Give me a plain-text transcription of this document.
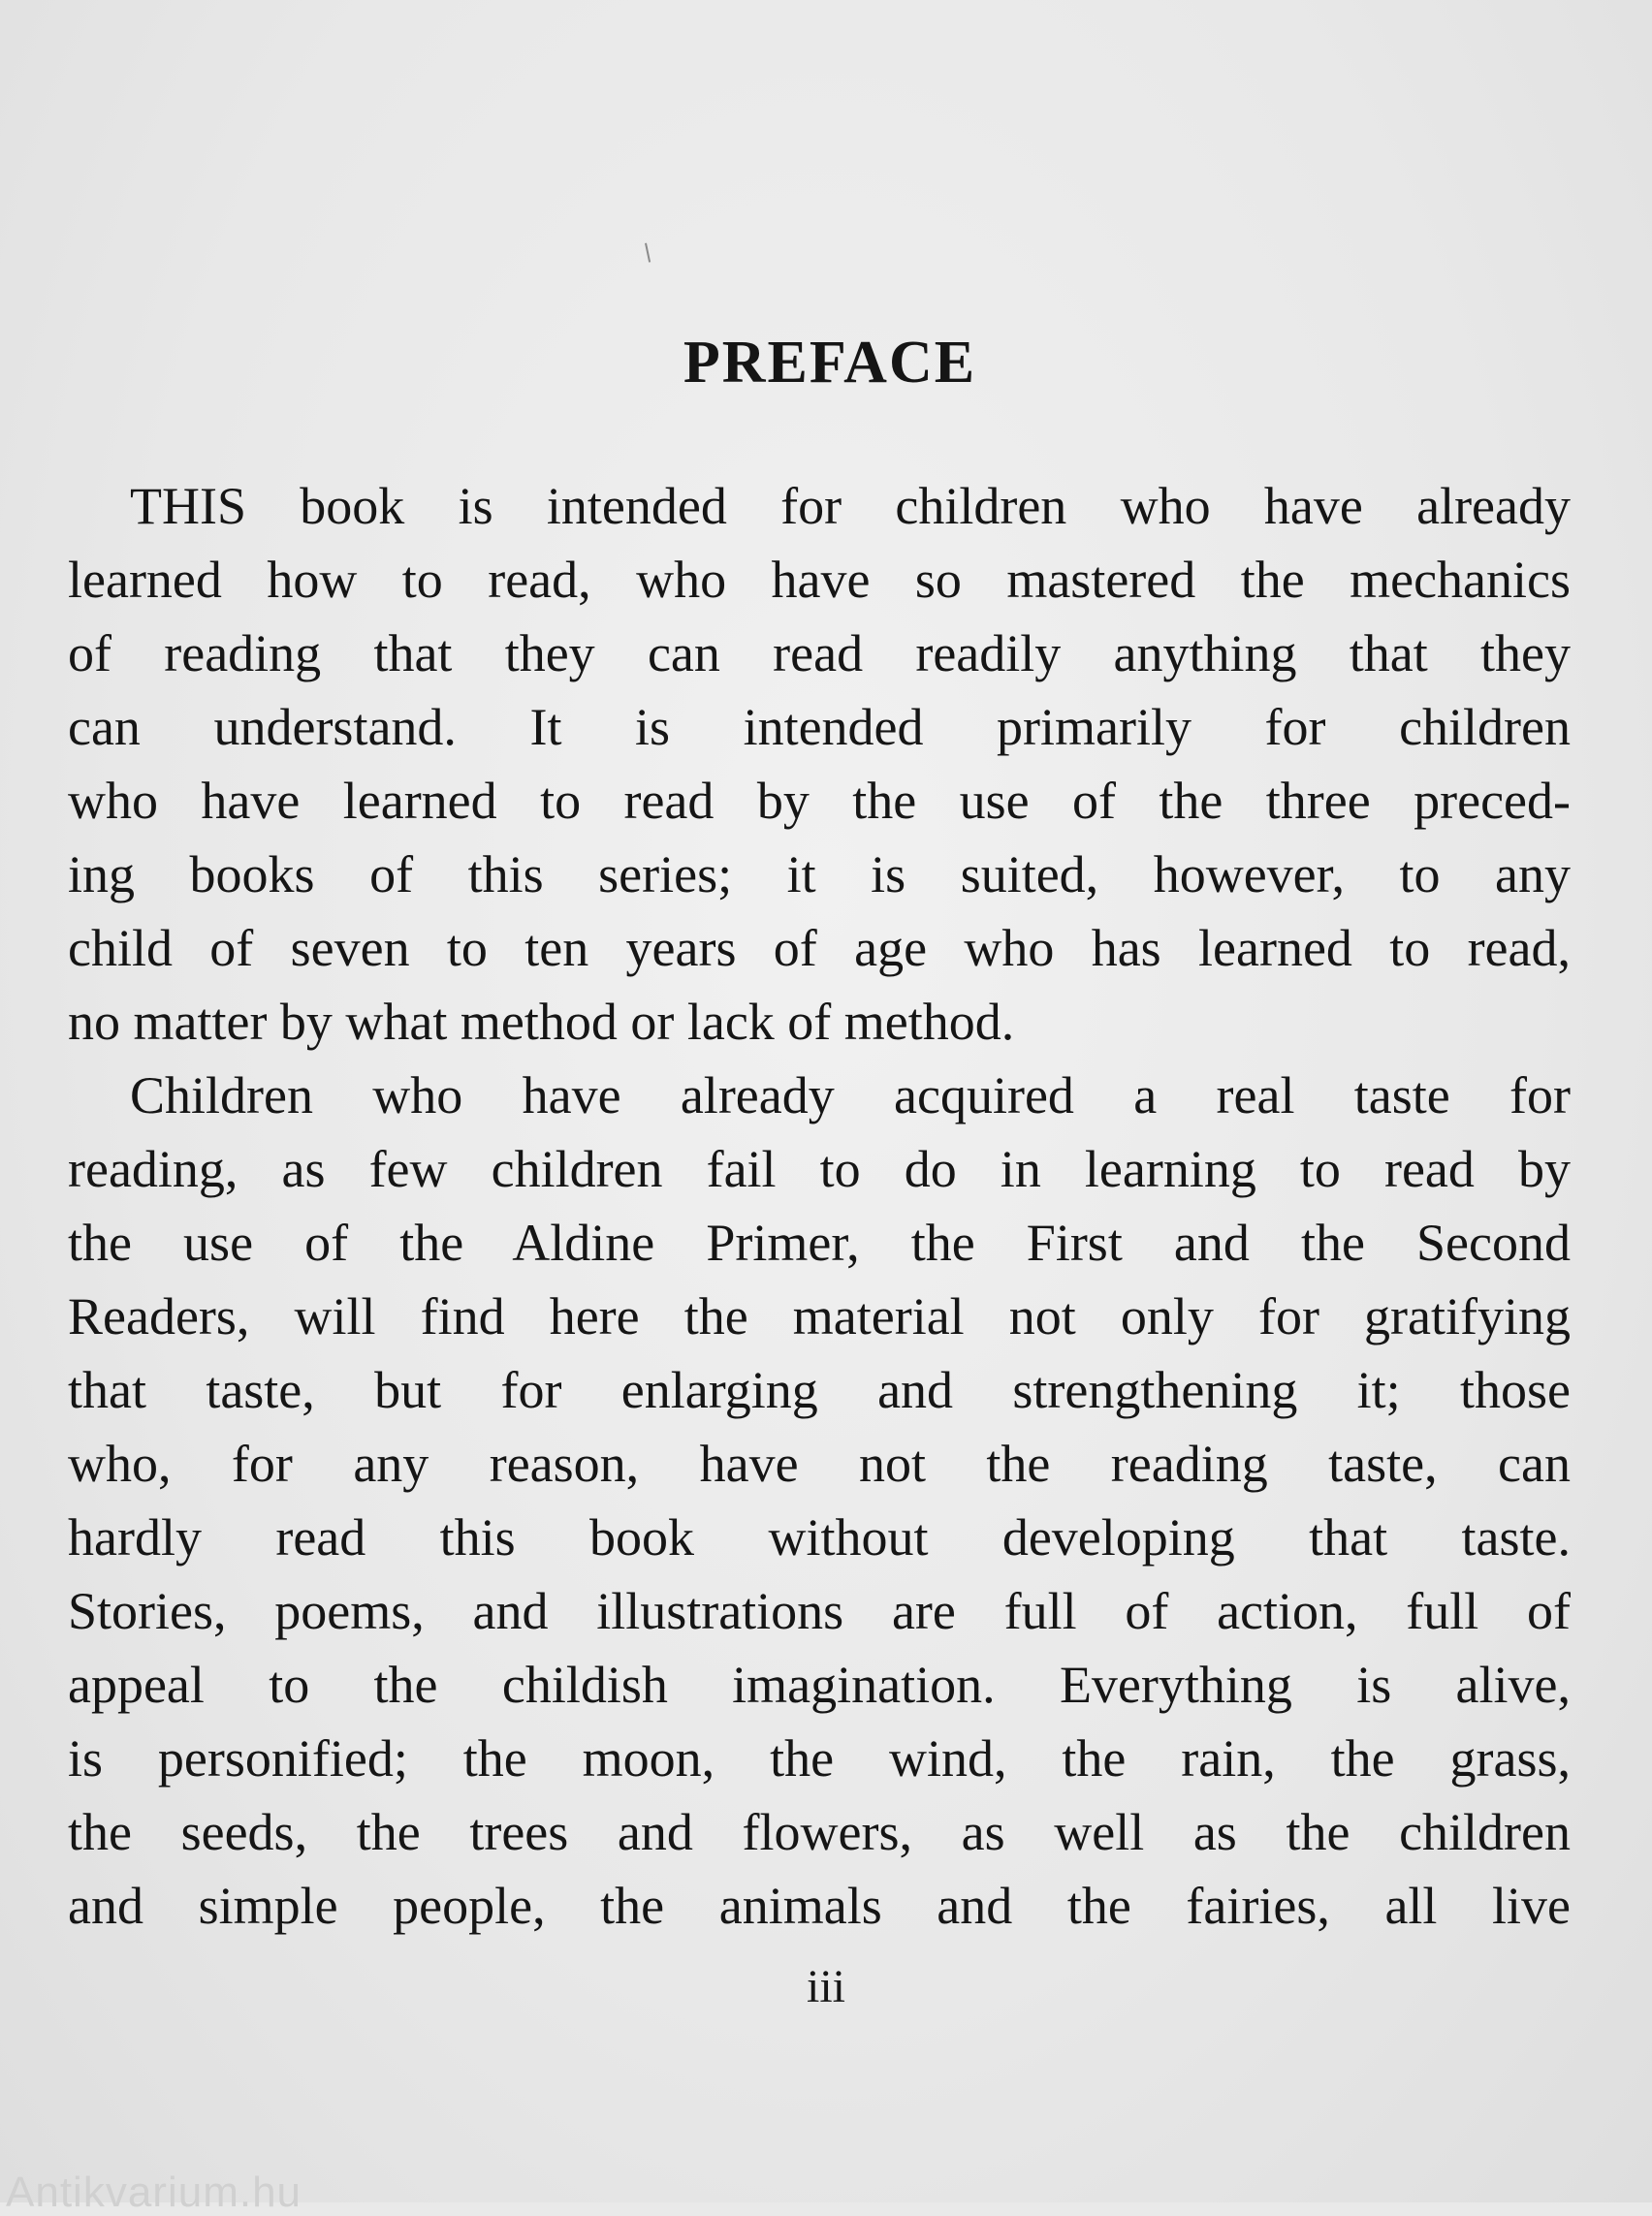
PREFACE
THIS book is intended for children who have already
learned how to read, who have so mastered the mechanics
of reading that they can read readily anything that they
can understand. It is intended primarily for children
who have learned to read by the use of the three preced-
ing books of this series; it is suited, however, to any
child of seven to ten years of age who has learned to read,
no matter by what method or lack of method.
Children who have already acquired a real taste for
reading, as few children fail to do in learning to read by
the use of the Aldine Primer, the First and the Second
Readers, will find here the material not only for gratifying
that taste, but for enlarging and strengthening it; those
who, for any reason, have not the reading taste, can
hardly read this book without developing that taste.
Stories, poems, and illustrations are full of action, full of
appeal to the childish imagination. Everything is alive,
is personified; the moon, the wind, the rain, the grass,
the seeds, the trees and flowers, as well as the children
and simple people, the animals and the fairies, all live
iii
Antikvarium.hu
